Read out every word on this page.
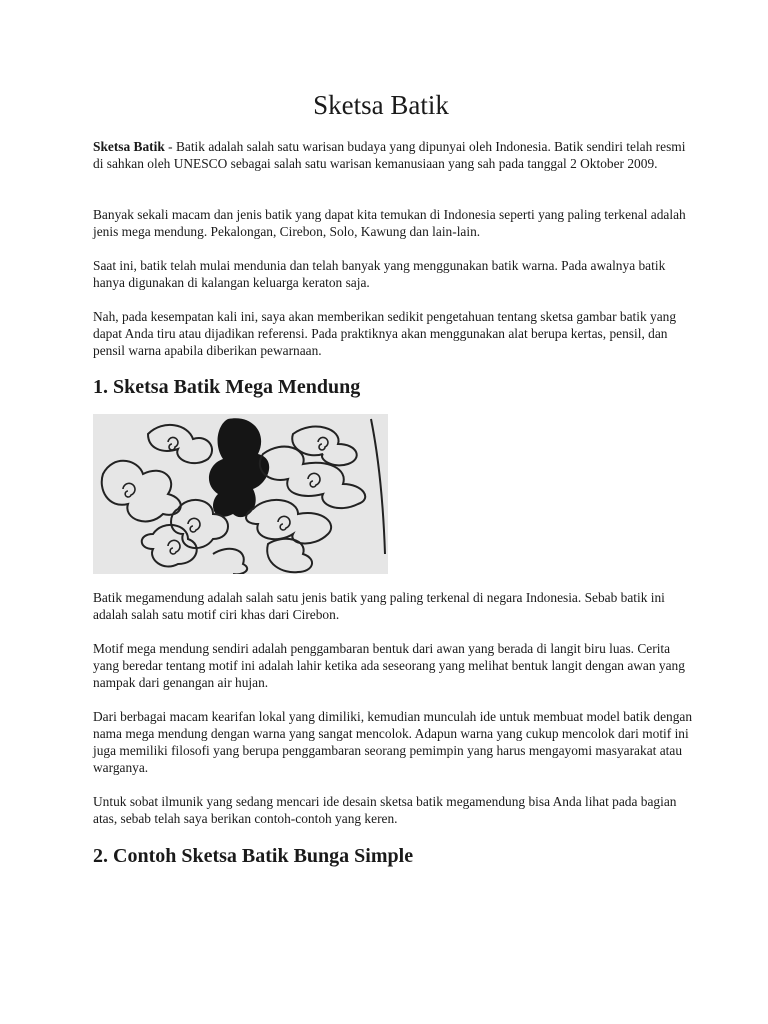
Sketsa Batik

Sketsa Batik - Batik adalah salah satu warisan budaya yang dipunyai oleh Indonesia. Batik sendiri telah resmi di sahkan oleh UNESCO sebagai salah satu warisan kemanusiaan yang sah pada tanggal 2 Oktober 2009.

Banyak sekali macam dan jenis batik yang dapat kita temukan di Indonesia seperti yang paling terkenal adalah jenis mega mendung. Pekalongan, Cirebon, Solo, Kawung dan lain-lain.

Saat ini, batik telah mulai mendunia dan telah banyak yang menggunakan batik warna. Pada awalnya batik hanya digunakan di kalangan keluarga keraton saja.

Nah, pada kesempatan kali ini, saya akan memberikan sedikit pengetahuan tentang sketsa gambar batik yang dapat Anda tiru atau dijadikan referensi. Pada praktiknya akan menggunakan alat berupa kertas, pensil, dan pensil warna apabila diberikan pewarnaan.

1. Sketsa Batik Mega Mendung

Batik megamendung adalah salah satu jenis batik yang paling terkenal di negara Indonesia. Sebab batik ini adalah salah satu motif ciri khas dari Cirebon.

Motif mega mendung sendiri adalah penggambaran bentuk dari awan yang berada di langit biru luas. Cerita yang beredar tentang motif ini adalah lahir ketika ada seseorang yang melihat bentuk langit dengan awan yang nampak dari genangan air hujan.

Dari berbagai macam kearifan lokal yang dimiliki, kemudian munculah ide untuk membuat model batik dengan nama mega mendung dengan warna yang sangat mencolok. Adapun warna yang cukup mencolok dari motif ini juga memiliki filosofi yang berupa penggambaran seorang pemimpin yang harus mengayomi masyarakat atau warganya.

Untuk sobat ilmunik yang sedang mencari ide desain sketsa batik megamendung bisa Anda lihat pada bagian atas, sebab telah saya berikan contoh-contoh yang keren.

2. Contoh Sketsa Batik Bunga Simple
